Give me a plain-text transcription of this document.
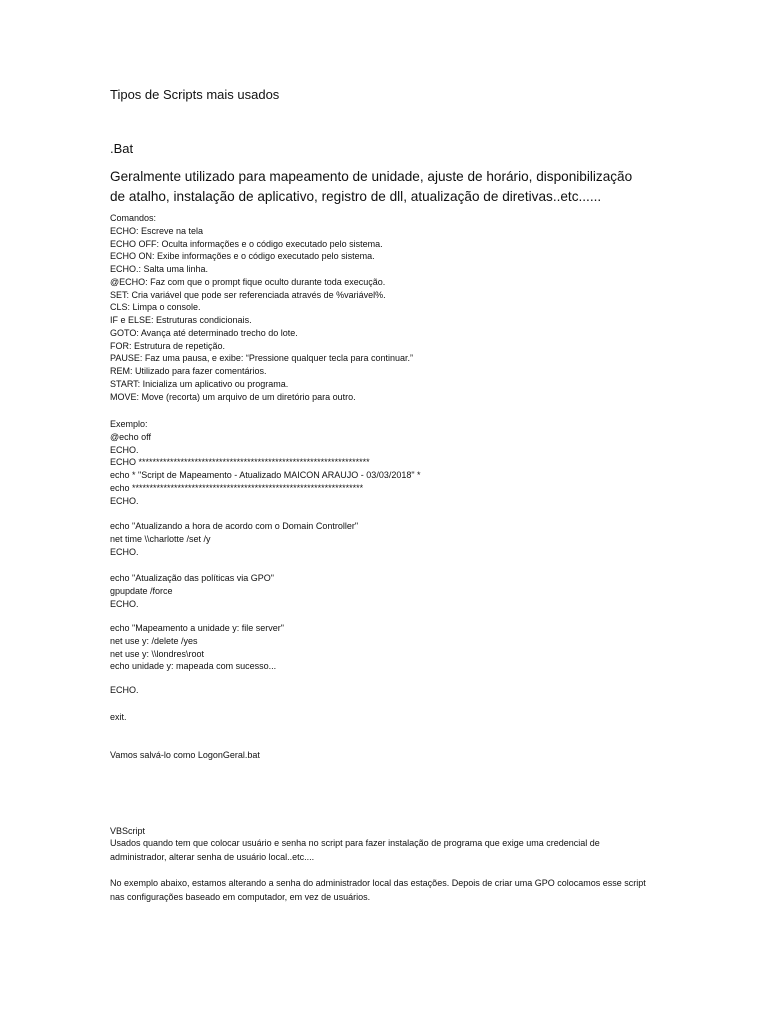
Tipos de Scripts mais usados
.Bat
Geralmente utilizado para mapeamento de unidade, ajuste de horário, disponibilização de atalho, instalação de aplicativo, registro de dll, atualização de diretivas..etc......
Comandos:
ECHO: Escreve na tela
ECHO OFF: Oculta informações e o código executado pelo sistema.
ECHO ON: Exibe informações e o código executado pelo sistema.
ECHO.: Salta uma linha.
@ECHO: Faz com que o prompt fique oculto durante toda execução.
SET: Cria variável que pode ser referenciada através de %variável%.
CLS: Limpa o console.
IF e ELSE: Estruturas condicionais.
GOTO: Avança até determinado trecho do lote.
FOR: Estrutura de repetição.
PAUSE: Faz uma pausa, e exibe: “Pressione qualquer tecla para continuar.”
REM: Utilizado para fazer comentários.
START: Inicializa um aplicativo ou programa.
MOVE: Move (recorta) um arquivo de um diretório para outro.
Exemplo:
@echo off
ECHO.
ECHO ******************************************************************
echo * "Script de Mapeamento - Atualizado MAICON ARAUJO - 03/03/2018" *
echo ******************************************************************
ECHO.
echo "Atualizando a hora de acordo com o Domain Controller"
net time \\charlotte /set /y
ECHO.
echo "Atualização das políticas via GPO"
gpupdate /force
ECHO.
echo "Mapeamento a unidade y: file server"
net use y: /delete /yes
net use y: \\londres\root
echo unidade y: mapeada com sucesso...
ECHO.
exit.
Vamos salvá-lo como LogonGeral.bat
VBScript
Usados quando tem que colocar usuário e senha no script para fazer instalação de programa que exige uma credencial de administrador, alterar senha de usuário local..etc....
No exemplo abaixo, estamos alterando a senha do administrador local das estações. Depois de criar uma GPO colocamos esse script nas configurações baseado em computador, em vez de usuários.
